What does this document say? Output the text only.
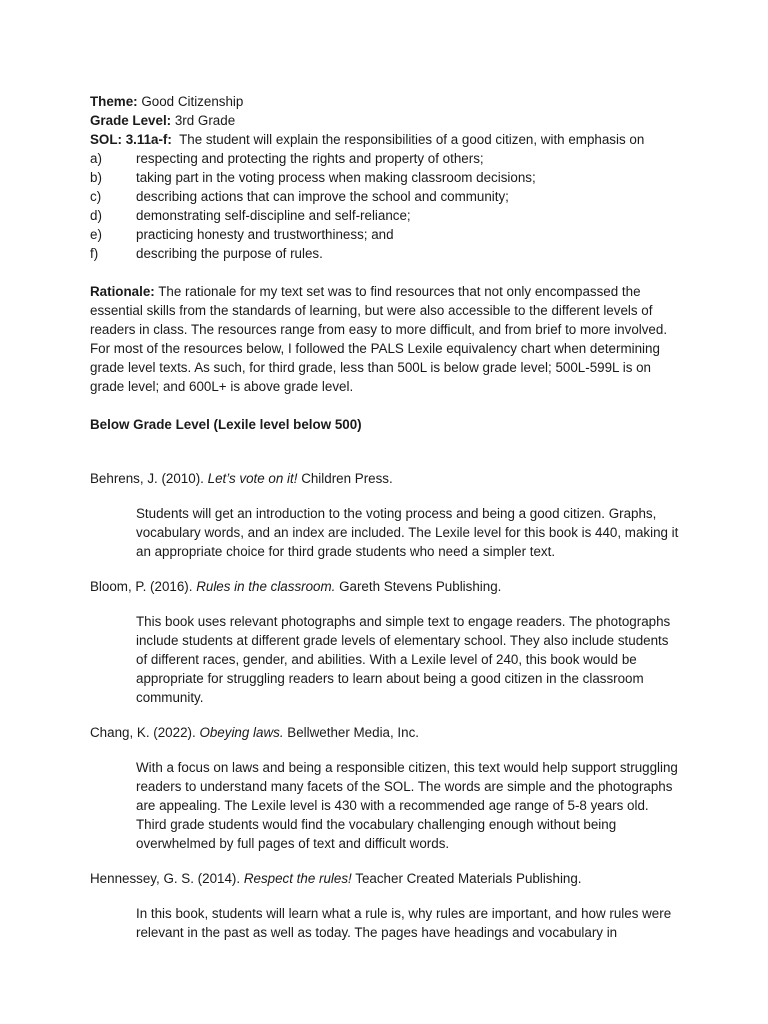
Theme: Good Citizenship

Grade Level: 3rd Grade

SOL: 3.11a-f: The student will explain the responsibilities of a good citizen, with emphasis on

a)	respecting and protecting the rights and property of others;
b)	taking part in the voting process when making classroom decisions;
c)	describing actions that can improve the school and community;
d)	demonstrating self-discipline and self-reliance;
e)	practicing honesty and trustworthiness; and
f)	describing the purpose of rules.

Rationale: The rationale for my text set was to find resources that not only encompassed the essential skills from the standards of learning, but were also accessible to the different levels of readers in class. The resources range from easy to more difficult, and from brief to more involved. For most of the resources below, I followed the PALS Lexile equivalency chart when determining grade level texts. As such, for third grade, less than 500L is below grade level; 500L-599L is on grade level; and 600L+ is above grade level.

Below Grade Level (Lexile level below 500)

Behrens, J. (2010). Let’s vote on it! Children Press.

Students will get an introduction to the voting process and being a good citizen. Graphs, vocabulary words, and an index are included. The Lexile level for this book is 440, making it an appropriate choice for third grade students who need a simpler text.

Bloom, P. (2016). Rules in the classroom. Gareth Stevens Publishing.

This book uses relevant photographs and simple text to engage readers. The photographs include students at different grade levels of elementary school. They also include students of different races, gender, and abilities. With a Lexile level of 240, this book would be appropriate for struggling readers to learn about being a good citizen in the classroom community.

Chang, K. (2022). Obeying laws. Bellwether Media, Inc.

With a focus on laws and being a responsible citizen, this text would help support struggling readers to understand many facets of the SOL. The words are simple and the photographs are appealing. The Lexile level is 430 with a recommended age range of 5-8 years old. Third grade students would find the vocabulary challenging enough without being overwhelmed by full pages of text and difficult words.

Hennessey, G. S. (2014). Respect the rules! Teacher Created Materials Publishing.

In this book, students will learn what a rule is, why rules are important, and how rules were relevant in the past as well as today. The pages have headings and vocabulary in
